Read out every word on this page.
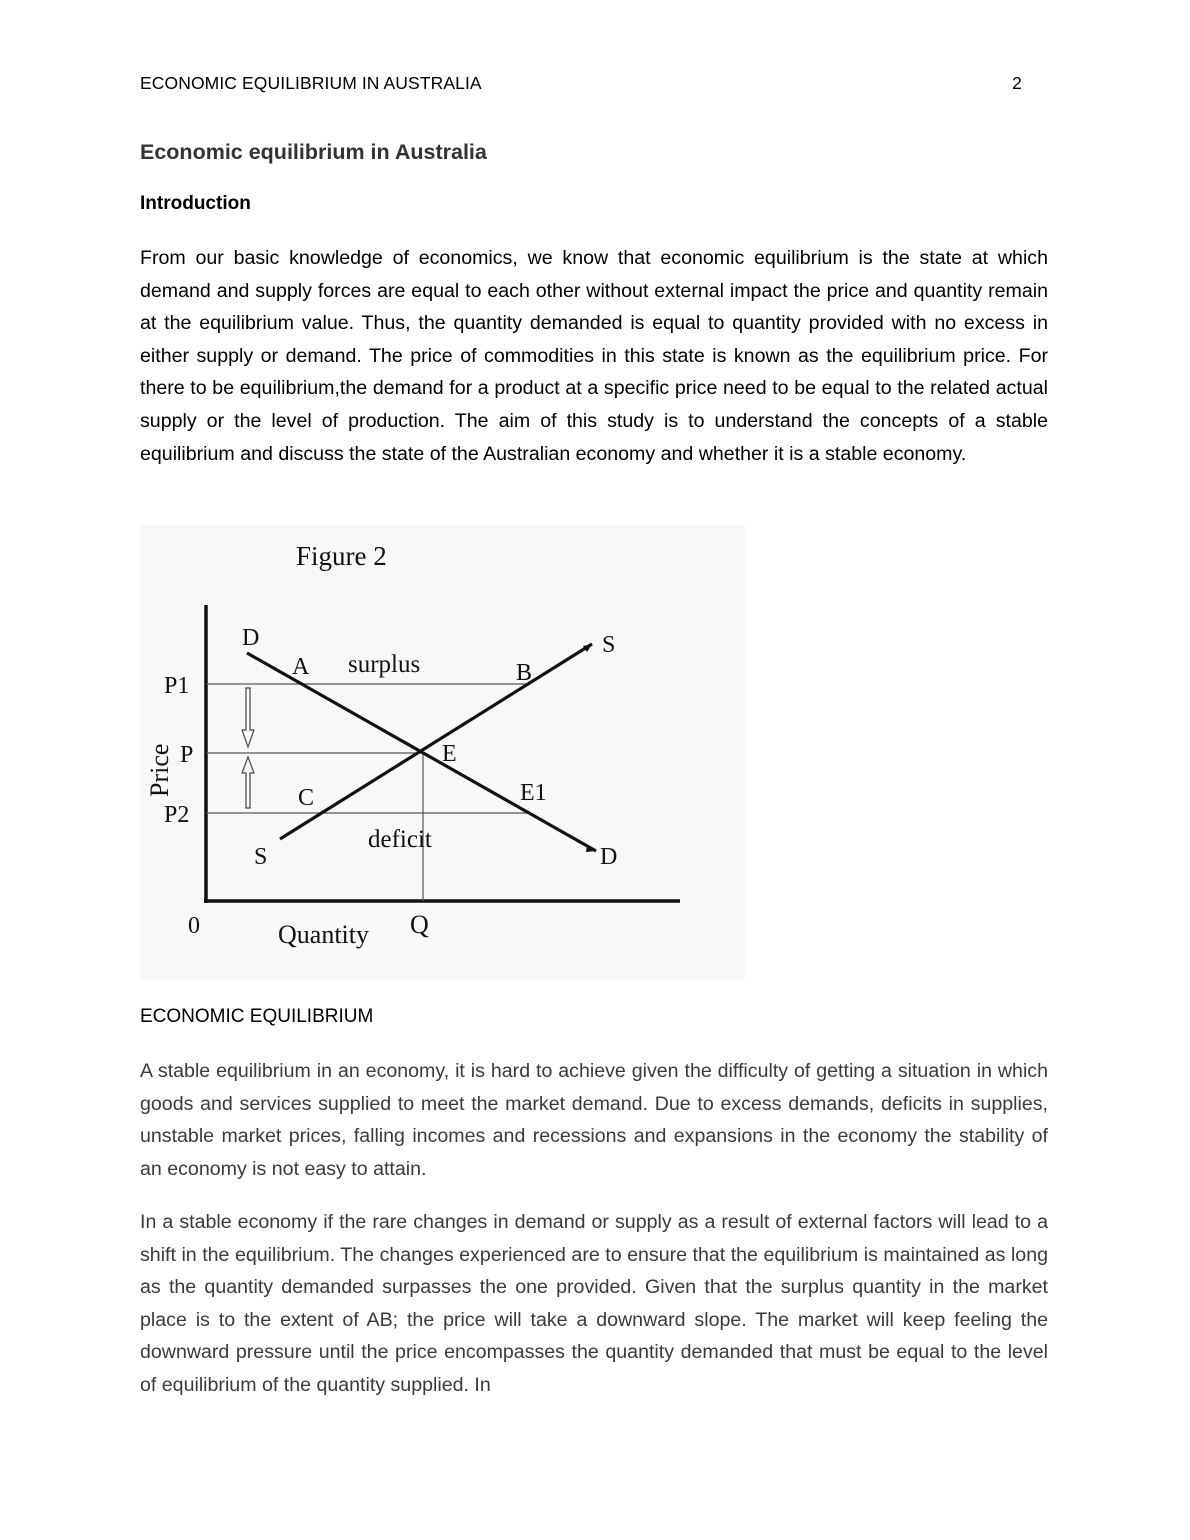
ECONOMIC EQUILIBRIUM IN AUSTRALIA	2
Economic equilibrium in Australia
Introduction
From our basic knowledge of economics, we know that economic equilibrium is the state at which demand and supply forces are equal to each other without external impact the price and quantity remain at the equilibrium value. Thus, the quantity demanded is equal to quantity provided with no excess in either supply or demand. The price of commodities in this state is known as the equilibrium price. For there to be equilibrium,the demand for a product at a specific price need to be equal to the related actual supply or the level of production. The aim of this study is to understand the concepts of a stable equilibrium and discuss the state of the Australian economy and whether it is a stable economy.
Figure 2
Price
Quantity
0	Q
P1
P
P2
D
D
S
S
A	B
C
E
E1
surplus
deficit
ECONOMIC EQUILIBRIUM
A stable equilibrium in an economy, it is hard to achieve given the difficulty of getting a situation in which goods and services supplied to meet the market demand. Due to excess demands, deficits in supplies, unstable market prices, falling incomes and recessions and expansions in the economy the stability of an economy is not easy to attain.
In a stable economy if the rare changes in demand or supply as a result of external factors will lead to a shift in the equilibrium. The changes experienced are to ensure that the equilibrium is maintained as long as the quantity demanded surpasses the one provided. Given that the surplus quantity in the market place is to the extent of AB; the price will take a downward slope. The market will keep feeling the downward pressure until the price encompasses the quantity demanded that must be equal to the level of equilibrium of the quantity supplied. In
